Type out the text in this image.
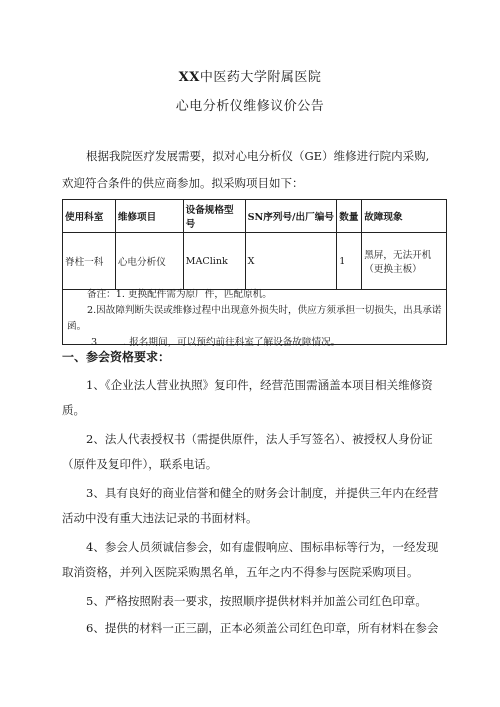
XX中医药大学附属医院
心电分析仪维修议价公告
根据我院医疗发展需要，拟对心电分析仪（GE）维修进行院内采购,
欢迎符合条件的供应商参加。拟采购项目如下：
使用科室	维修项目	设备规格型号	SN序列号/出厂编号	数量	故障现象
脊柱一科	心电分析仪	MAClink	X	1	黑屏，无法开机（更换主板）
备注：1. 更换配件需为原厂件，匹配原机。
2.因故障判断失误或维修过程中出现意外损失时，供应方须承担一切损失，出具承诺函。
3	. 报名期间，可以预约前往科室了解设备故障情况。
一、参会资格要求：
1、《企业法人营业执照》复印件，经营范围需涵盖本项目相关维修资质。
2、法人代表授权书（需提供原件，法人手写签名）、被授权人身份证（原件及复印件），联系电话。
3、具有良好的商业信誉和健全的财务会计制度，并提供三年内在经营活动中没有重大违法记录的书面材料。
4、参会人员须诚信参会，如有虚假响应、围标串标等行为，一经发现取消资格，并列入医院采购黑名单，五年之内不得参与医院采购项目。
5、严格按照附表一要求，按照顺序提供材料并加盖公司红色印章。
6、提供的材料一正三副，正本必须盖公司红色印章，所有材料在参会
